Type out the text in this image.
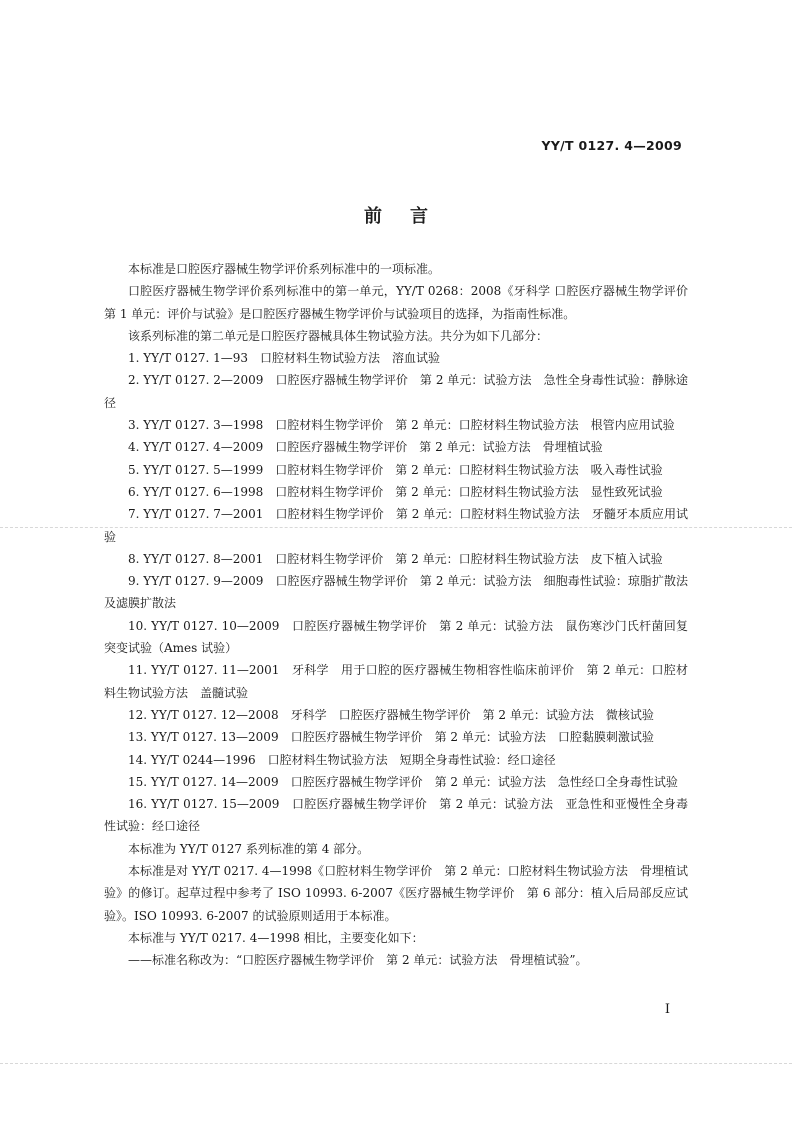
YY/T 0127. 4—2009
前言

本标准是口腔医疗器械生物学评价系列标准中的一项标准。

口腔医疗器械生物学评价系列标准中的第一单元，YY/T 0268：2008《牙科学 口腔医疗器械生物学评价 第 1 单元：评价与试验》是口腔医疗器械生物学评价与试验项目的选择，为指南性标准。

该系列标准的第二单元是口腔医疗器械具体生物试验方法。共分为如下几部分：

1. YY/T 0127. 1—93　口腔材料生物试验方法　溶血试验

2. YY/T 0127. 2—2009　口腔医疗器械生物学评价　第 2 单元：试验方法　急性全身毒性试验：静脉途径

3. YY/T 0127. 3—1998　口腔材料生物学评价　第 2 单元：口腔材料生物试验方法　根管内应用试验

4. YY/T 0127. 4—2009　口腔医疗器械生物学评价　第 2 单元：试验方法　骨埋植试验

5. YY/T 0127. 5—1999　口腔材料生物学评价　第 2 单元：口腔材料生物试验方法　吸入毒性试验

6. YY/T 0127. 6—1998　口腔材料生物学评价　第 2 单元：口腔材料生物试验方法　显性致死试验

7. YY/T 0127. 7—2001　口腔材料生物学评价　第 2 单元：口腔材料生物试验方法　牙髓牙本质应用试验

8. YY/T 0127. 8—2001　口腔材料生物学评价　第 2 单元：口腔材料生物试验方法　皮下植入试验

9. YY/T 0127. 9—2009　口腔医疗器械生物学评价　第 2 单元：试验方法　细胞毒性试验：琼脂扩散法及滤膜扩散法

10. YY/T 0127. 10—2009　口腔医疗器械生物学评价　第 2 单元：试验方法　鼠伤寒沙门氏杆菌回复突变试验（Ames 试验）

11. YY/T 0127. 11—2001　牙科学　用于口腔的医疗器械生物相容性临床前评价　第 2 单元：口腔材料生物试验方法　盖髓试验

12. YY/T 0127. 12—2008　牙科学　口腔医疗器械生物学评价　第 2 单元：试验方法　微核试验

13. YY/T 0127. 13—2009　口腔医疗器械生物学评价　第 2 单元：试验方法　口腔黏膜刺激试验

14. YY/T 0244—1996　口腔材料生物试验方法　短期全身毒性试验：经口途径

15. YY/T 0127. 14—2009　口腔医疗器械生物学评价　第 2 单元：试验方法　急性经口全身毒性试验

16. YY/T 0127. 15—2009　口腔医疗器械生物学评价　第 2 单元：试验方法　亚急性和亚慢性全身毒性试验：经口途径

本标准为 YY/T 0127 系列标准的第 4 部分。

本标准是对 YY/T 0217. 4—1998《口腔材料生物学评价　第 2 单元：口腔材料生物试验方法　骨埋植试验》的修订。起草过程中参考了 ISO 10993. 6-2007《医疗器械生物学评价　第 6 部分：植入后局部反应试验》。ISO 10993. 6-2007 的试验原则适用于本标准。

本标准与 YY/T 0217. 4—1998 相比，主要变化如下：

——标准名称改为：“口腔医疗器械生物学评价　第 2 单元：试验方法　骨埋植试验”。

I
